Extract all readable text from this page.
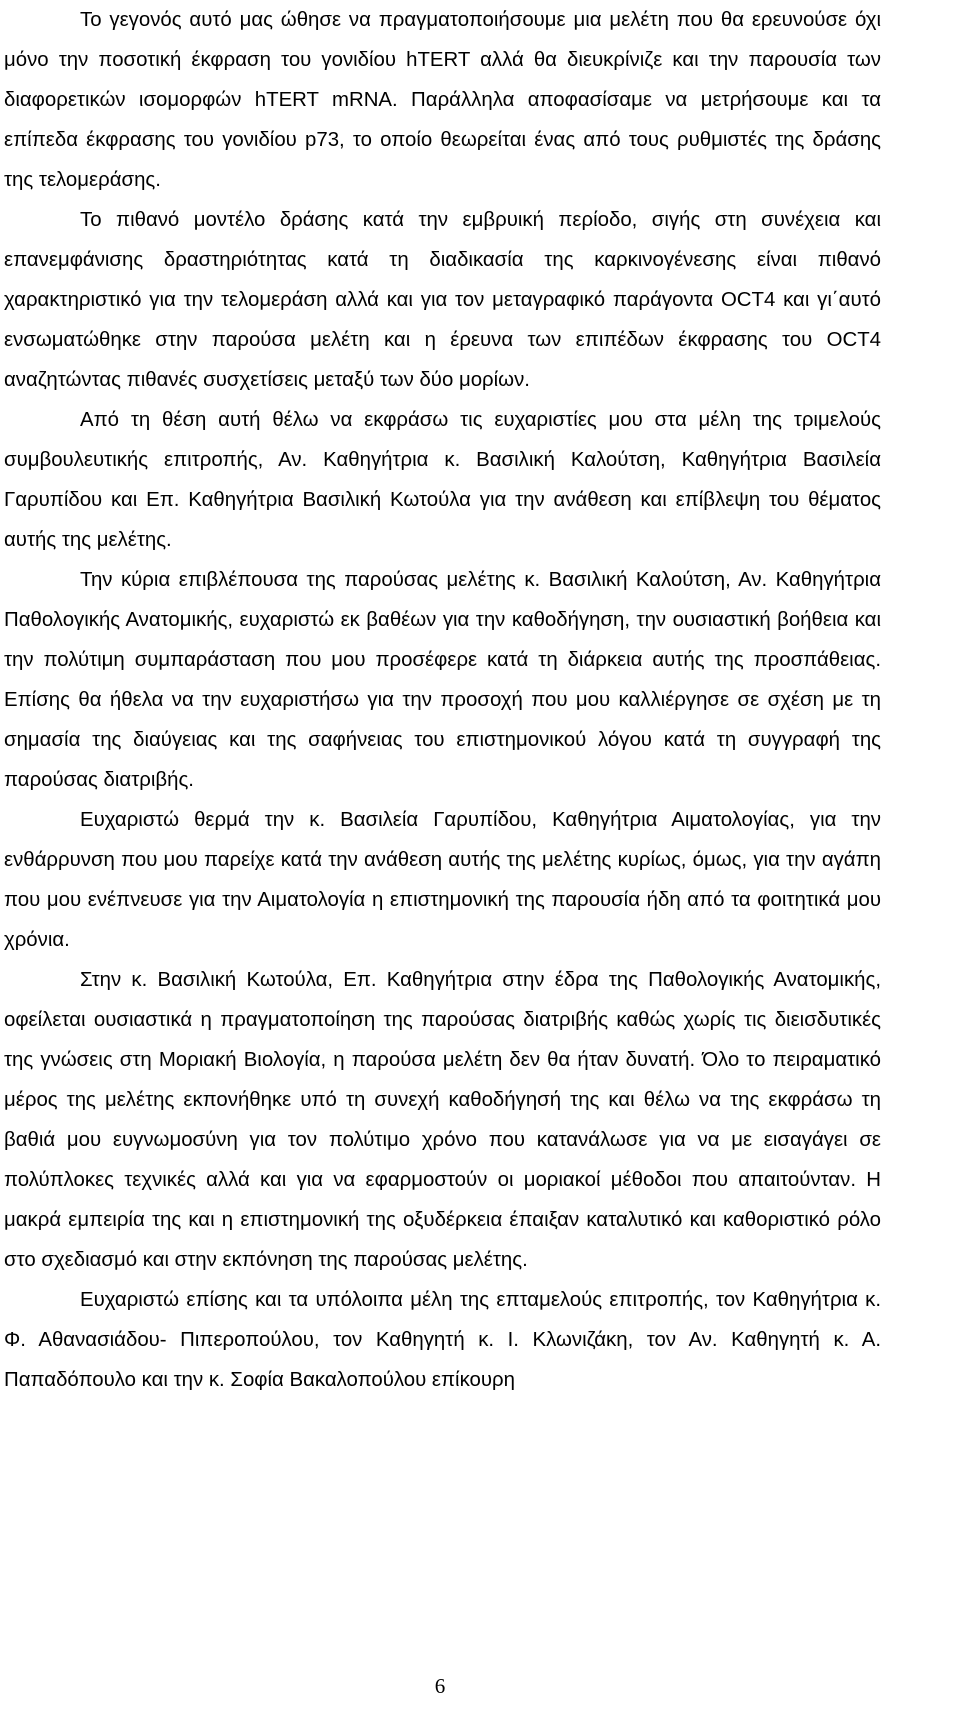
Το γεγονός αυτό μας ώθησε να πραγματοποιήσουμε μια μελέτη που θα ερευνούσε όχι μόνο την ποσοτική έκφραση του γονιδίου hTERT αλλά θα διευκρίνιζε και την παρουσία των διαφορετικών ισομορφών hTERT mRNA. Παράλληλα αποφασίσαμε να μετρήσουμε και τα επίπεδα έκφρασης του γονιδίου p73, το οποίο θεωρείται ένας από τους ρυθμιστές της δράσης της τελομεράσης.

Το πιθανό μοντέλο δράσης κατά την εμβρυική περίοδο, σιγής στη συνέχεια και επανεμφάνισης δραστηριότητας κατά τη διαδικασία της καρκινογένεσης είναι πιθανό χαρακτηριστικό για την τελομεράση αλλά και για τον μεταγραφικό παράγοντα OCT4 και γι΄αυτό ενσωματώθηκε στην παρούσα μελέτη και η έρευνα των επιπέδων έκφρασης του OCT4 αναζητώντας πιθανές συσχετίσεις μεταξύ των δύο μορίων.

Από τη θέση αυτή θέλω να εκφράσω τις ευχαριστίες μου στα μέλη της τριμελούς συμβουλευτικής επιτροπής, Αν. Καθηγήτρια κ. Βασιλική Καλούτση, Καθηγήτρια Βασιλεία Γαρυπίδου και Επ. Καθηγήτρια Βασιλική Κωτούλα για την ανάθεση και επίβλεψη του θέματος αυτής της μελέτης.

Την κύρια επιβλέπουσα της παρούσας μελέτης κ. Βασιλική Καλούτση, Αν. Καθηγήτρια Παθολογικής Ανατομικής, ευχαριστώ εκ βαθέων για την καθοδήγηση, την ουσιαστική βοήθεια και την πολύτιμη συμπαράσταση που μου προσέφερε κατά τη διάρκεια αυτής της προσπάθειας. Επίσης θα ήθελα να την ευχαριστήσω για την προσοχή που μου καλλιέργησε σε σχέση με τη σημασία της διαύγειας και της σαφήνειας του επιστημονικού λόγου κατά τη συγγραφή της παρούσας διατριβής.

Ευχαριστώ θερμά την κ. Βασιλεία Γαρυπίδου, Καθηγήτρια Αιματολογίας, για την ενθάρρυνση που μου παρείχε κατά την ανάθεση αυτής της μελέτης κυρίως, όμως, για την αγάπη που μου ενέπνευσε για την Αιματολογία η επιστημονική της παρουσία ήδη από τα φοιτητικά μου χρόνια.

Στην κ. Βασιλική Κωτούλα, Επ. Καθηγήτρια στην έδρα της Παθολογικής Ανατομικής, οφείλεται ουσιαστικά η πραγματοποίηση της παρούσας διατριβής καθώς χωρίς τις διεισδυτικές της γνώσεις στη Μοριακή Βιολογία, η παρούσα μελέτη δεν θα ήταν δυνατή. Όλο το πειραματικό μέρος της μελέτης εκπονήθηκε υπό τη συνεχή καθοδήγησή της και θέλω να της εκφράσω τη βαθιά μου ευγνωμοσύνη για τον πολύτιμο χρόνο που κατανάλωσε για να με εισαγάγει σε πολύπλοκες τεχνικές αλλά και για να εφαρμοστούν οι μοριακοί μέθοδοι που απαιτούνταν. Η μακρά εμπειρία της και η επιστημονική της οξυδέρκεια έπαιξαν καταλυτικό και καθοριστικό ρόλο στο σχεδιασμό και στην εκπόνηση της παρούσας μελέτης.

Ευχαριστώ επίσης και τα υπόλοιπα μέλη της επταμελούς επιτροπής, τον Καθηγήτρια κ. Φ. Αθανασιάδου- Πιπεροπούλου, τον Καθηγητή κ. Ι. Κλωνιζάκη, τον Αν. Καθηγητή κ. Α. Παπαδόπουλο και την κ. Σοφία Βακαλοπούλου επίκουρη

6
